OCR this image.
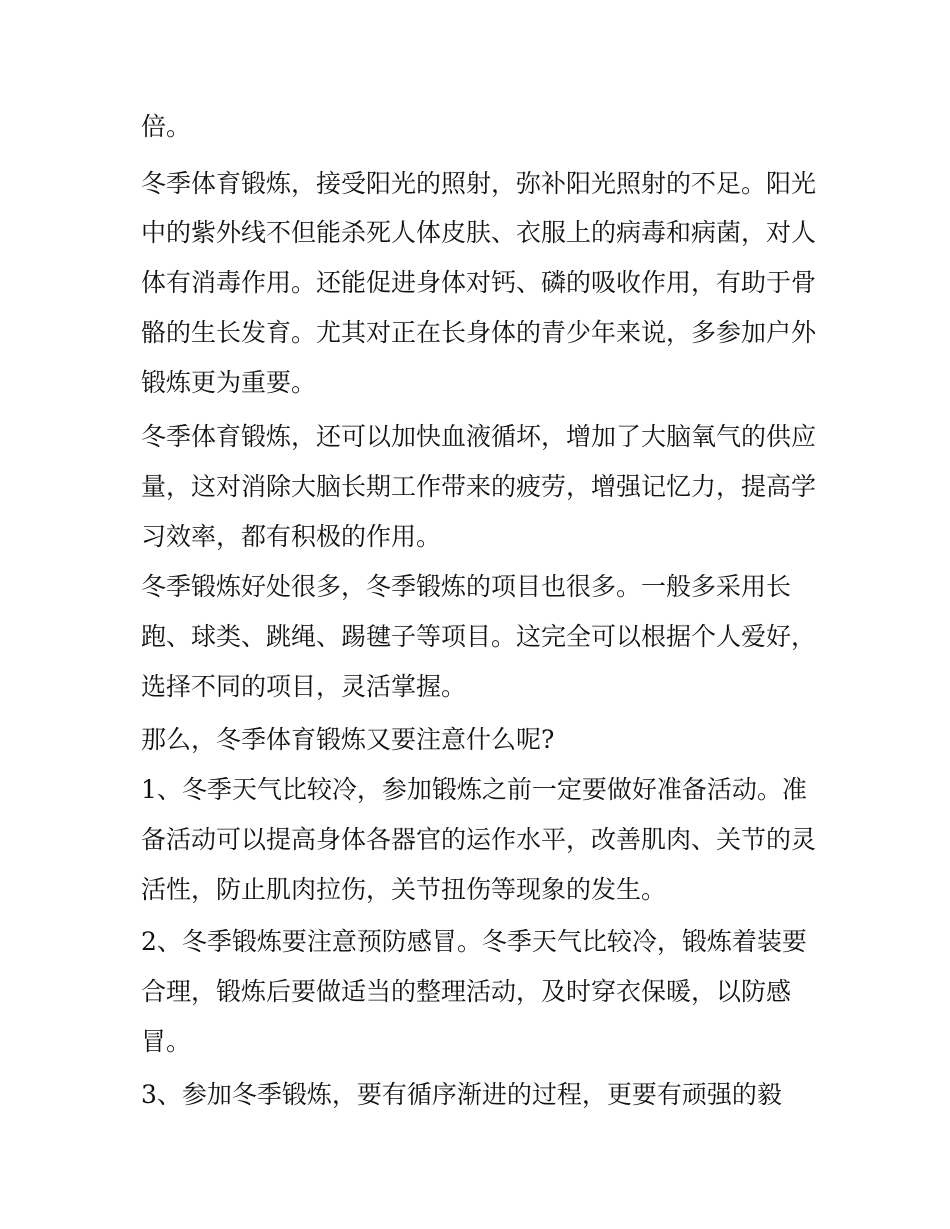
倍。
冬季体育锻炼，接受阳光的照射，弥补阳光照射的不足。阳光
中的紫外线不但能杀死人体皮肤、衣服上的病毒和病菌，对人
体有消毒作用。还能促进身体对钙、磷的吸收作用，有助于骨
骼的生长发育。尤其对正在长身体的青少年来说，多参加户外
锻炼更为重要。
冬季体育锻炼，还可以加快血液循坏，增加了大脑氧气的供应
量，这对消除大脑长期工作带来的疲劳，增强记忆力，提高学
习效率，都有积极的作用。
冬季锻炼好处很多，冬季锻炼的项目也很多。一般多采用长
跑、球类、跳绳、踢毽子等项目。这完全可以根据个人爱好，
选择不同的项目，灵活掌握。
那么，冬季体育锻炼又要注意什么呢?
1、冬季天气比较冷，参加锻炼之前一定要做好准备活动。准
备活动可以提高身体各器官的运作水平，改善肌肉、关节的灵
活性，防止肌肉拉伤，关节扭伤等现象的发生。
2、冬季锻炼要注意预防感冒。冬季天气比较冷，锻炼着装要
合理，锻炼后要做适当的整理活动，及时穿衣保暖，以防感
冒。
3、参加冬季锻炼，要有循序渐进的过程，更要有顽强的毅
